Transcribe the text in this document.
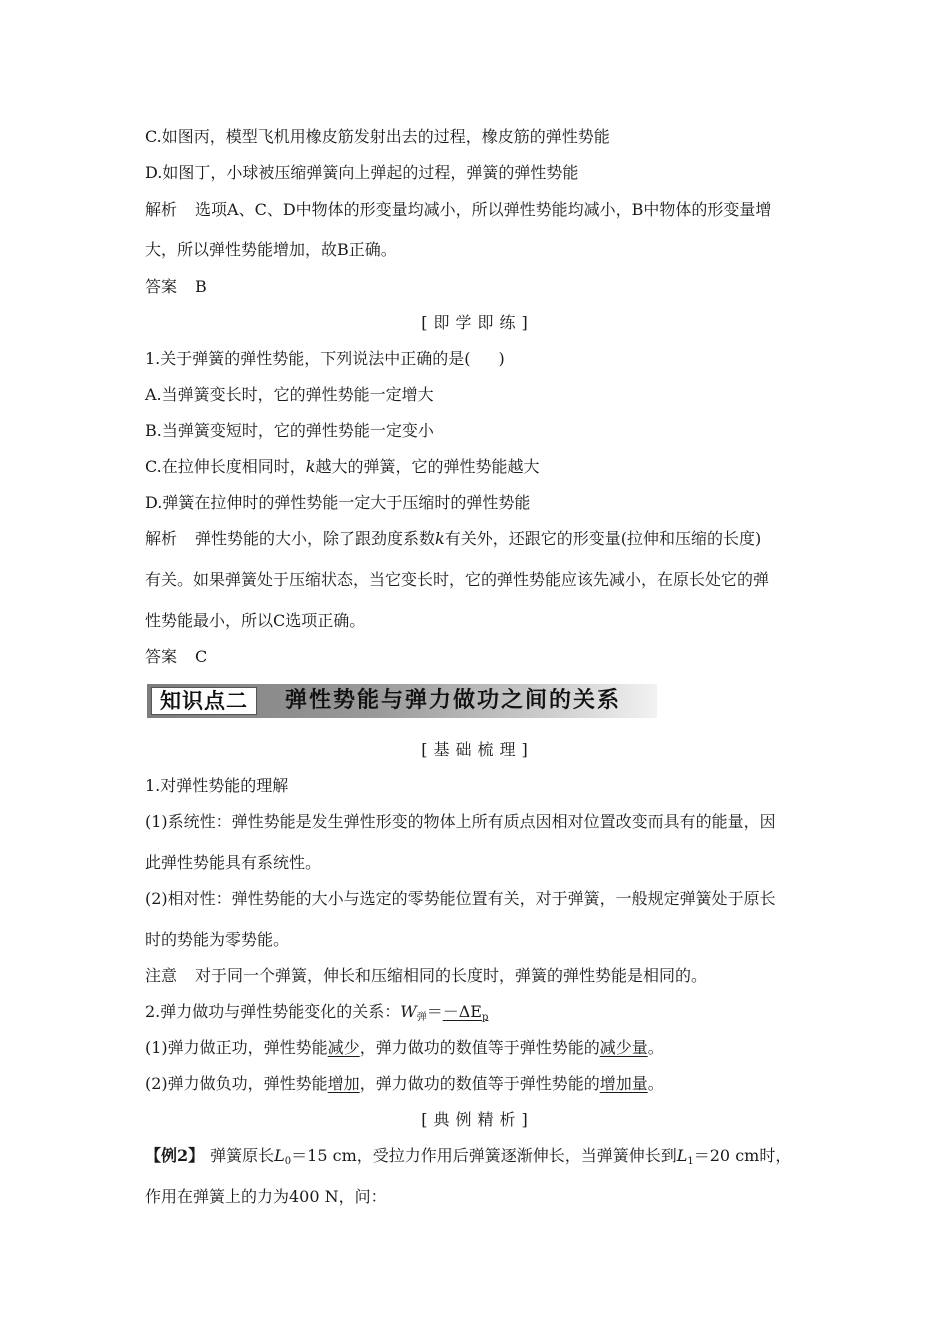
C.如图丙，模型飞机用橡皮筋发射出去的过程，橡皮筋的弹性势能
D.如图丁，小球被压缩弹簧向上弹起的过程，弹簧的弹性势能
解析 选项A、C、D中物体的形变量均减小，所以弹性势能均减小，B中物体的形变量增
大，所以弹性势能增加，故B正确。
答案 B
[即学即练]
1.关于弹簧的弹性势能，下列说法中正确的是( )
A.当弹簧变长时，它的弹性势能一定增大
B.当弹簧变短时，它的弹性势能一定变小
C.在拉伸长度相同时，k越大的弹簧，它的弹性势能越大
D.弹簧在拉伸时的弹性势能一定大于压缩时的弹性势能
解析 弹性势能的大小，除了跟劲度系数k有关外，还跟它的形变量(拉伸和压缩的长度)
有关。如果弹簧处于压缩状态，当它变长时，它的弹性势能应该先减小，在原长处它的弹
性势能最小，所以C选项正确。
答案 C
知识点二	弹性势能与弹力做功之间的关系
[基础梳理]
1.对弹性势能的理解
(1)系统性：弹性势能是发生弹性形变的物体上所有质点因相对位置改变而具有的能量，因
此弹性势能具有系统性。
(2)相对性：弹性势能的大小与选定的零势能位置有关，对于弹簧，一般规定弹簧处于原长
时的势能为零势能。
注意 对于同一个弹簧，伸长和压缩相同的长度时，弹簧的弹性势能是相同的。
2.弹力做功与弹性势能变化的关系：$W_弹=-\Delta E_p$
(1)弹力做正功，弹性势能减少，弹力做功的数值等于弹性势能的减少量。
(2)弹力做负功，弹性势能增加，弹力做功的数值等于弹性势能的增加量。
[典例精析]
【例2】 弹簧原长$L_0=15$ cm，受拉力作用后弹簧逐渐伸长，当弹簧伸长到$L_1=20$ cm时，
作用在弹簧上的力为400 N，问：
